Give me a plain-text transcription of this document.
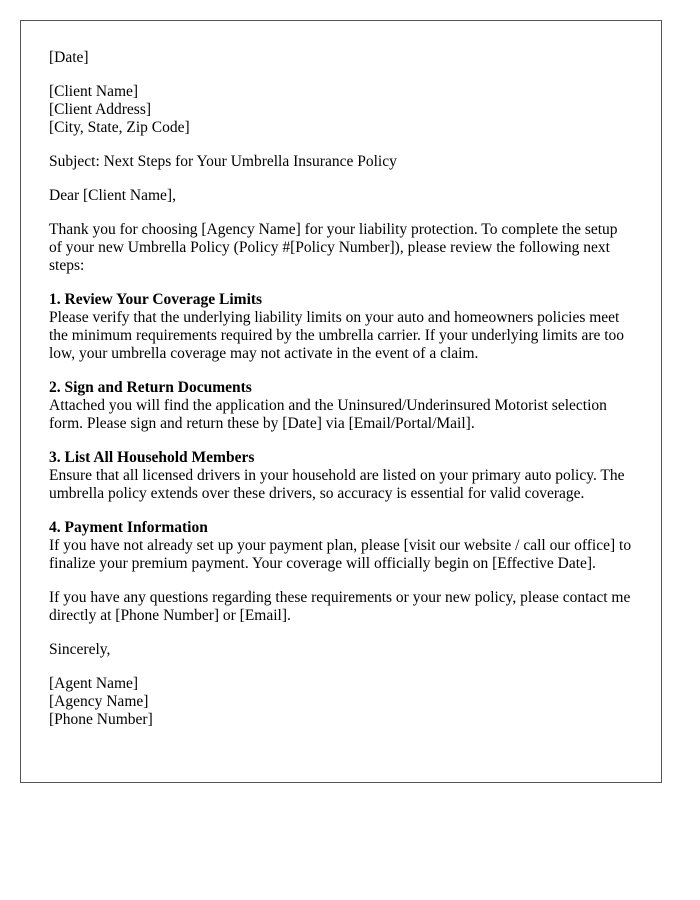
[Date]

[Client Name]
[Client Address]
[City, State, Zip Code]

Subject: Next Steps for Your Umbrella Insurance Policy

Dear [Client Name],

Thank you for choosing [Agency Name] for your liability protection. To complete the setup of your new Umbrella Policy (Policy #[Policy Number]), please review the following next steps:

1. Review Your Coverage Limits

Please verify that the underlying liability limits on your auto and homeowners policies meet the minimum requirements required by the umbrella carrier. If your underlying limits are too low, your umbrella coverage may not activate in the event of a claim.

2. Sign and Return Documents

Attached you will find the application and the Uninsured/Underinsured Motorist selection form. Please sign and return these by [Date] via [Email/Portal/Mail].

3. List All Household Members

Ensure that all licensed drivers in your household are listed on your primary auto policy. The umbrella policy extends over these drivers, so accuracy is essential for valid coverage.

4. Payment Information

If you have not already set up your payment plan, please [visit our website / call our office] to finalize your premium payment. Your coverage will officially begin on [Effective Date].

If you have any questions regarding these requirements or your new policy, please contact me directly at [Phone Number] or [Email].

Sincerely,

[Agent Name]
[Agency Name]
[Phone Number]
